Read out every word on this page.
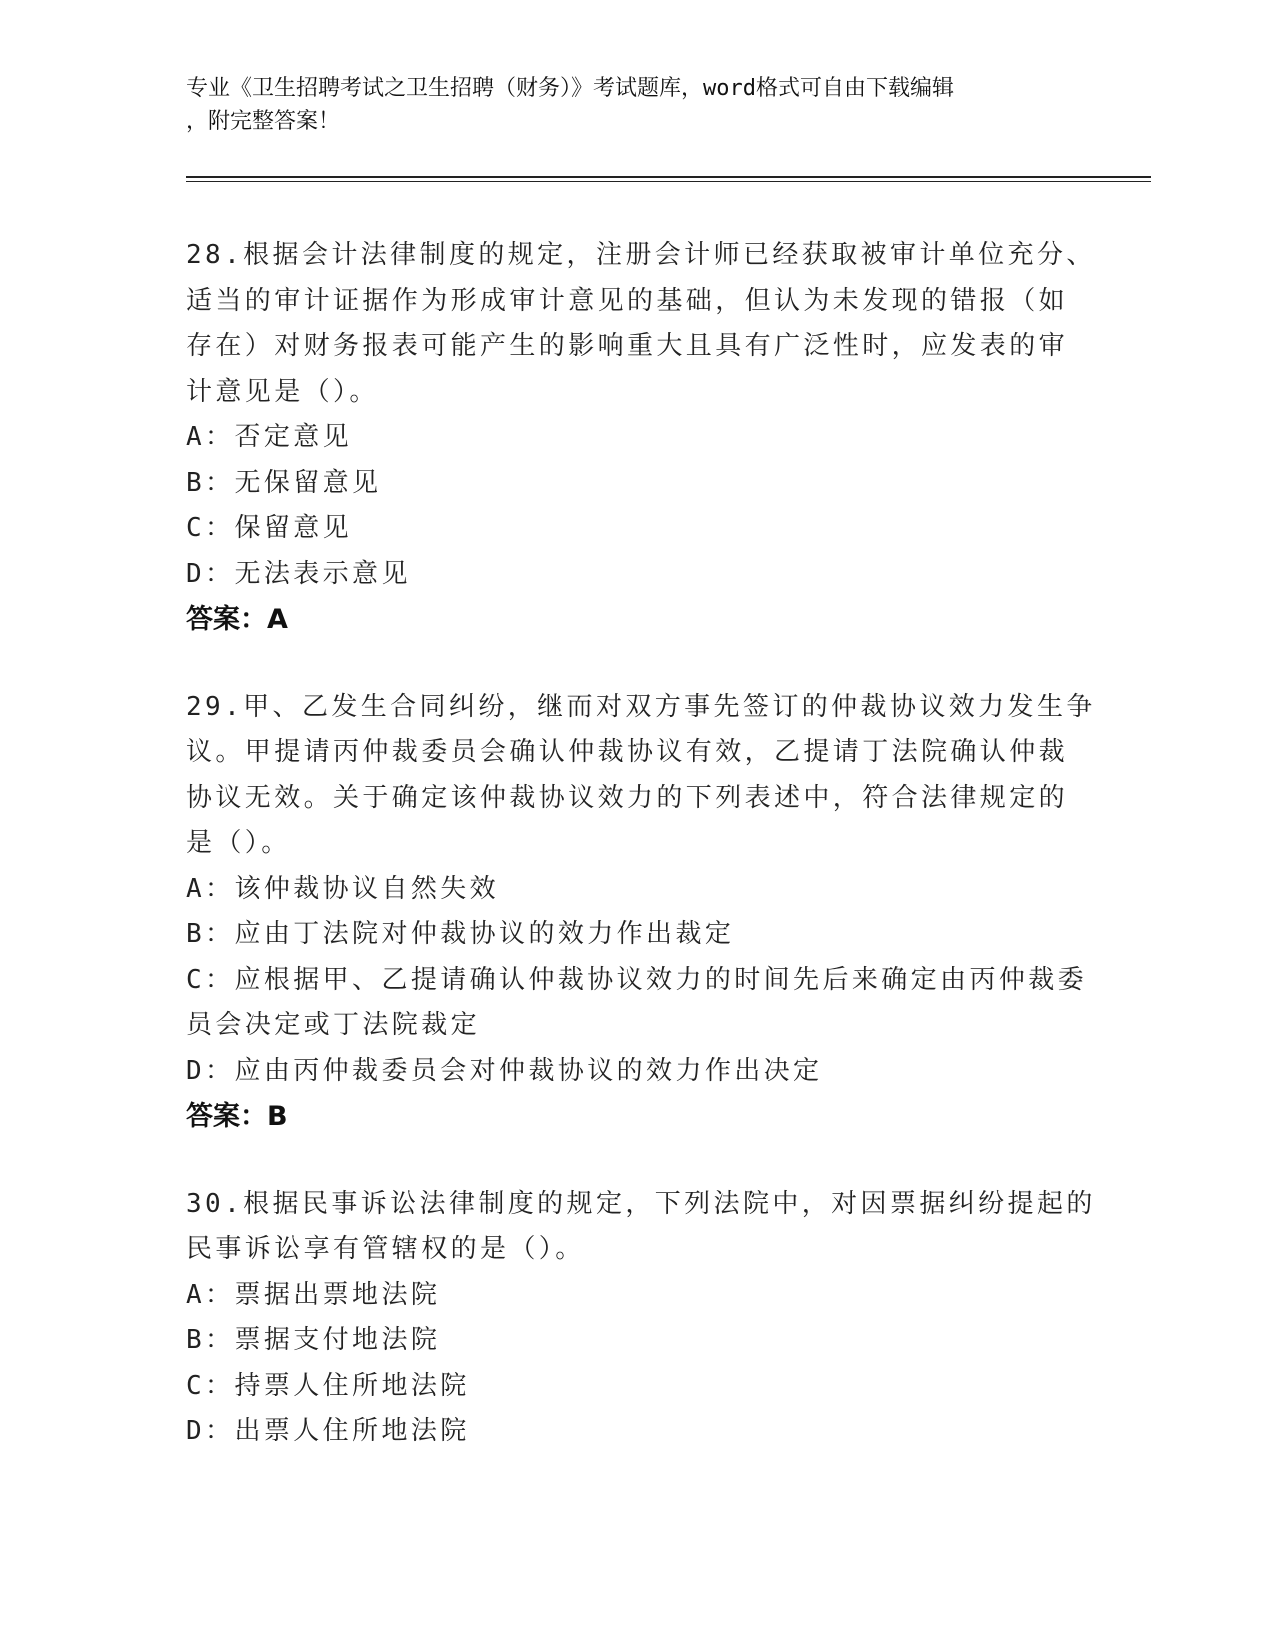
专业《卫生招聘考试之卫生招聘（财务）》考试题库，word格式可自由下载编辑
，附完整答案！
28.根据会计法律制度的规定，注册会计师已经获取被审计单位充分、
适当的审计证据作为形成审计意见的基础，但认为未发现的错报（如
存在）对财务报表可能产生的影响重大且具有广泛性时，应发表的审
计意见是（）。
A：否定意见
B：无保留意见
C：保留意见
D：无法表示意见
答案：A
29.甲、乙发生合同纠纷，继而对双方事先签订的仲裁协议效力发生争
议。甲提请丙仲裁委员会确认仲裁协议有效，乙提请丁法院确认仲裁
协议无效。关于确定该仲裁协议效力的下列表述中，符合法律规定的
是（）。
A：该仲裁协议自然失效
B：应由丁法院对仲裁协议的效力作出裁定
C：应根据甲、乙提请确认仲裁协议效力的时间先后来确定由丙仲裁委
员会决定或丁法院裁定
D：应由丙仲裁委员会对仲裁协议的效力作出决定
答案：B
30.根据民事诉讼法律制度的规定，下列法院中，对因票据纠纷提起的
民事诉讼享有管辖权的是（）。
A：票据出票地法院
B：票据支付地法院
C：持票人住所地法院
D：出票人住所地法院
